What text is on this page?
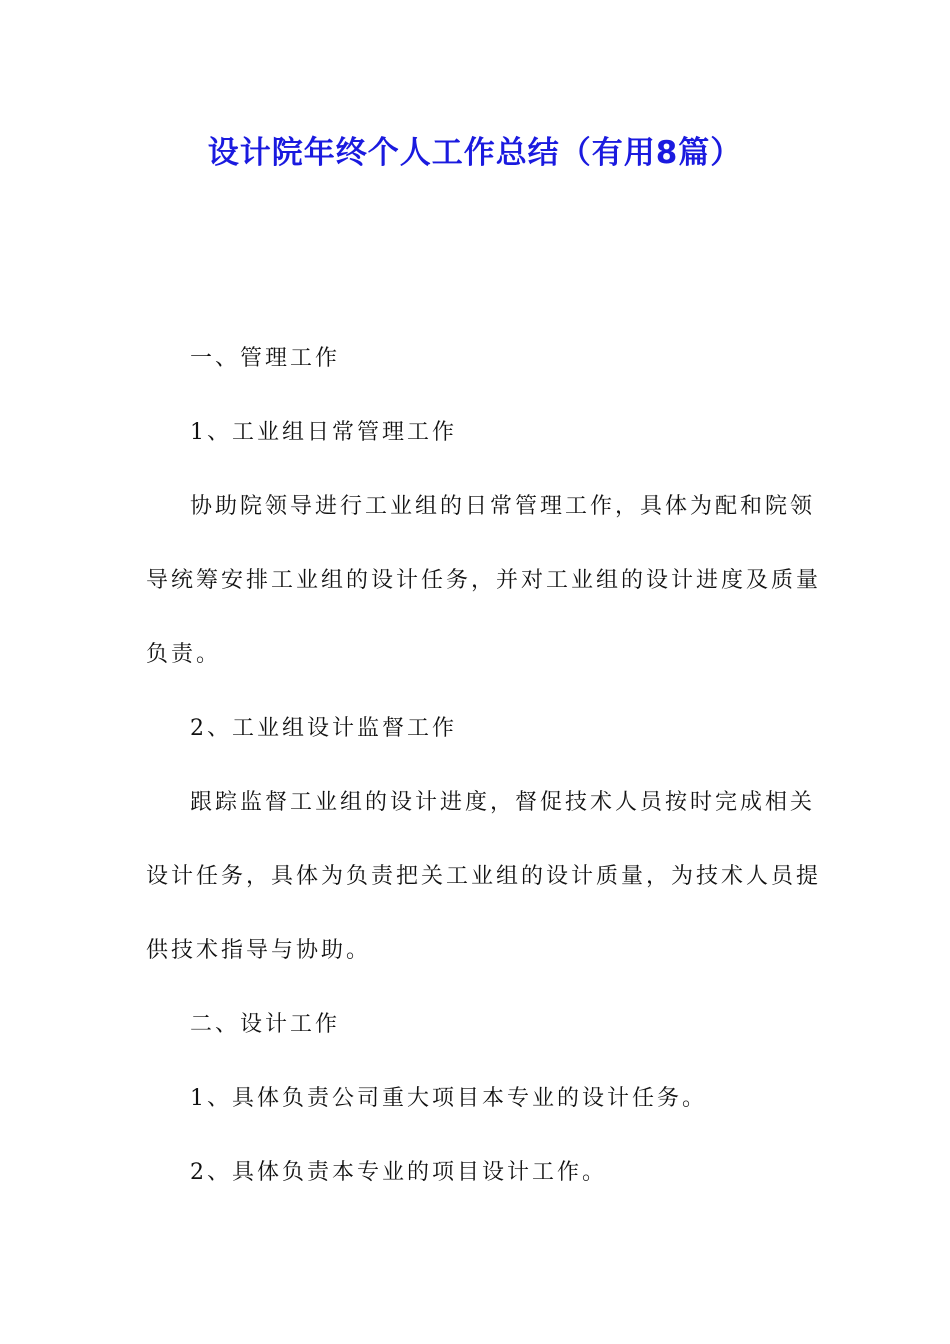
设计院年终个人工作总结（有用8篇）
一、管理工作
1、工业组日常管理工作
协助院领导进行工业组的日常管理工作，具体为配和院领
导统筹安排工业组的设计任务，并对工业组的设计进度及质量
负责。
2、工业组设计监督工作
跟踪监督工业组的设计进度，督促技术人员按时完成相关
设计任务，具体为负责把关工业组的设计质量，为技术人员提
供技术指导与协助。
二、设计工作
1、具体负责公司重大项目本专业的设计任务。
2、具体负责本专业的项目设计工作。
